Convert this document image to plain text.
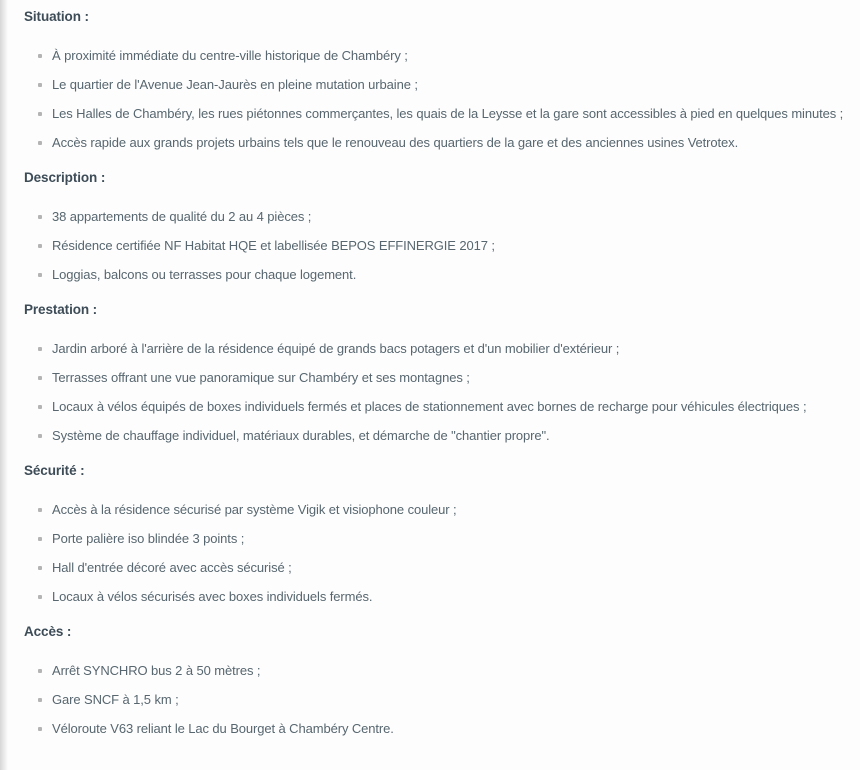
Situation :
À proximité immédiate du centre-ville historique de Chambéry ;
Le quartier de l'Avenue Jean-Jaurès en pleine mutation urbaine ;
Les Halles de Chambéry, les rues piétonnes commerçantes, les quais de la Leysse et la gare sont accessibles à pied en quelques minutes ;
Accès rapide aux grands projets urbains tels que le renouveau des quartiers de la gare et des anciennes usines Vetrotex.
Description :
38 appartements de qualité du 2 au 4 pièces ;
Résidence certifiée NF Habitat HQE et labellisée BEPOS EFFINERGIE 2017 ;
Loggias, balcons ou terrasses pour chaque logement.
Prestation :
Jardin arboré à l'arrière de la résidence équipé de grands bacs potagers et d'un mobilier d'extérieur ;
Terrasses offrant une vue panoramique sur Chambéry et ses montagnes ;
Locaux à vélos équipés de boxes individuels fermés et places de stationnement avec bornes de recharge pour véhicules électriques ;
Système de chauffage individuel, matériaux durables, et démarche de "chantier propre".
Sécurité :
Accès à la résidence sécurisé par système Vigik et visiophone couleur ;
Porte palière iso blindée 3 points ;
Hall d'entrée décoré avec accès sécurisé ;
Locaux à vélos sécurisés avec boxes individuels fermés.
Accès :
Arrêt SYNCHRO bus 2 à 50 mètres ;
Gare SNCF à 1,5 km ;
Véloroute V63 reliant le Lac du Bourget à Chambéry Centre.
